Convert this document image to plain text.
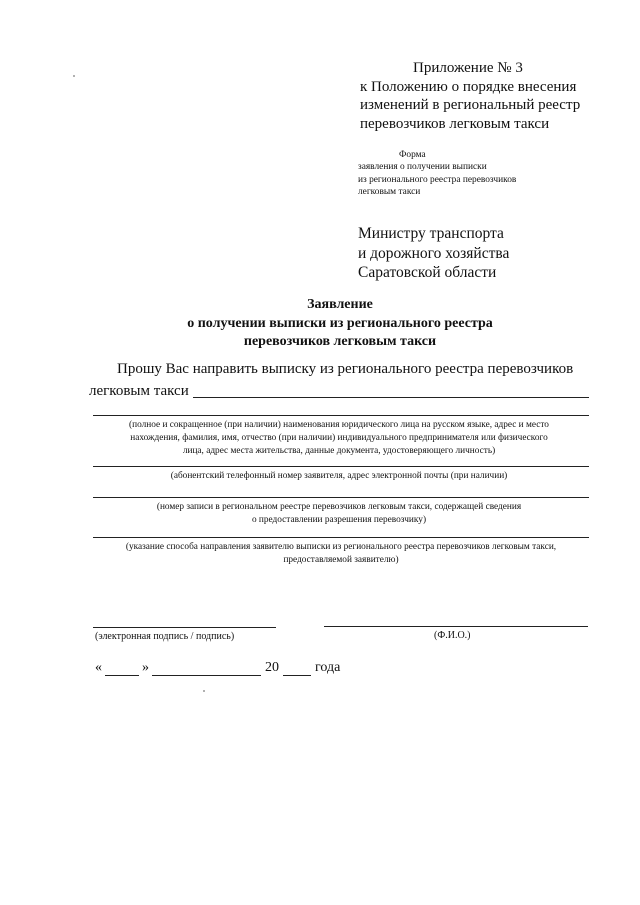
Приложение № 3
к Положению о порядке внесения
изменений в региональный реестр
перевозчиков легковым такси
Форма
заявления о получении выписки
из регионального реестра перевозчиков
легковым такси
Министру транспорта
и дорожного хозяйства
Саратовской области
Заявление
о получении выписки из регионального реестра
перевозчиков легковым такси
Прошу Вас направить выписку из регионального реестра перевозчиков
легковым такси
(полное и сокращенное (при наличии) наименования юридического лица на русском языке, адрес и место
нахождения, фамилия, имя, отчество (при наличии) индивидуального предпринимателя или физического
лица, адрес места жительства, данные документа, удостоверяющего личность)
(абонентский телефонный номер заявителя, адрес электронной почты (при наличии)
(номер записи в региональном реестре перевозчиков легковым такси, содержащей сведения
о предоставлении разрешения перевозчику)
(указание способа направления заявителю выписки из регионального реестра перевозчиков легковым такси,
предоставляемой заявителю)
(электронная подпись / подпись)	(Ф.И.О.)
«	»	20	года
